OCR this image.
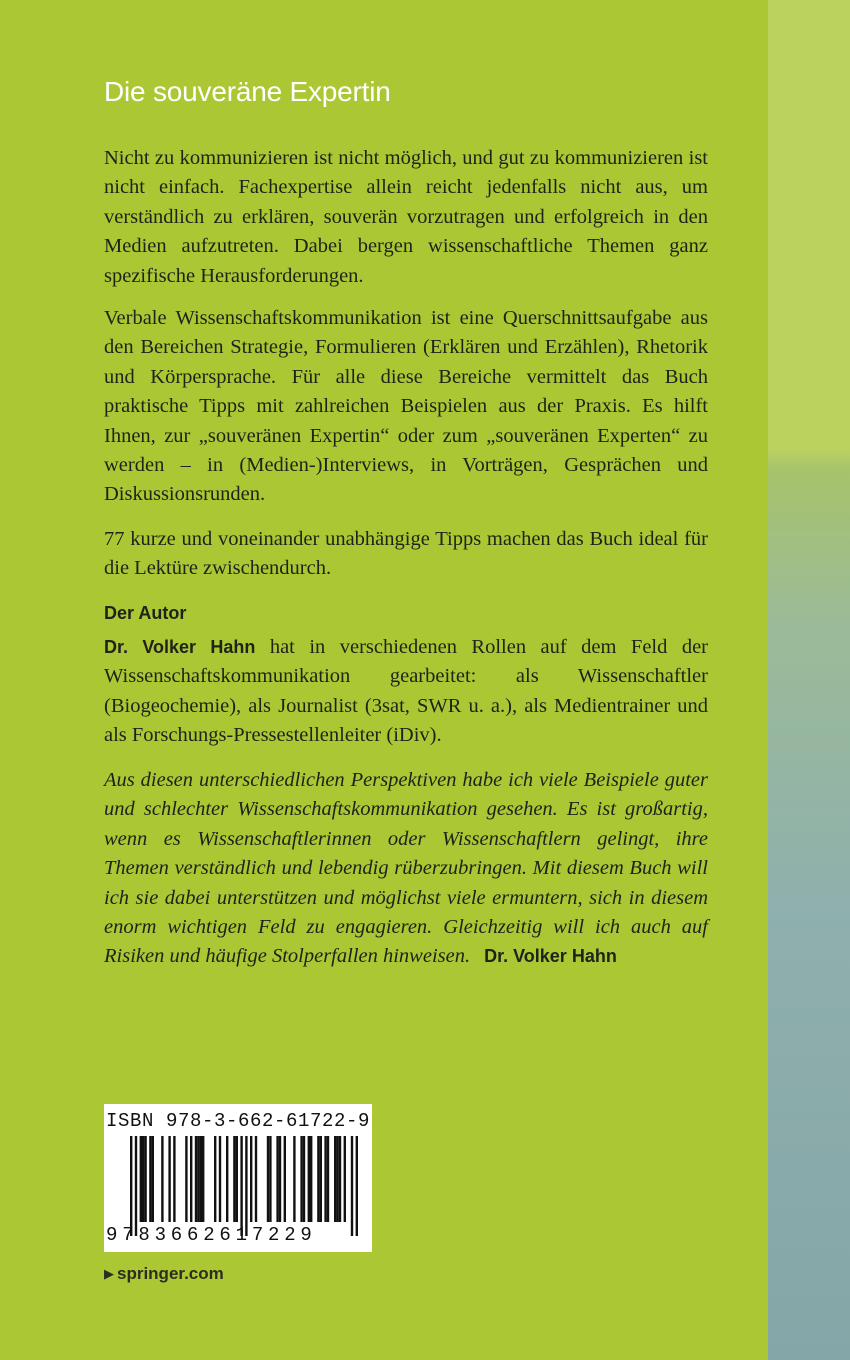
Die souveräne Expertin

Nicht zu kommunizieren ist nicht möglich, und gut zu kommunizieren ist nicht einfach. Fachexpertise allein reicht jedenfalls nicht aus, um verständlich zu erklären, souverän vorzutragen und erfolgreich in den Medien aufzutreten. Dabei bergen wissenschaftliche Themen ganz spezifische Herausforderungen.

Verbale Wissenschaftskommunikation ist eine Querschnittsaufgabe aus den Bereichen Strategie, Formulieren (Erklären und Erzählen), Rhetorik und Körpersprache. Für alle diese Bereiche vermittelt das Buch praktische Tipps mit zahlreichen Beispielen aus der Praxis. Es hilft Ihnen, zur „souveränen Expertin“ oder zum „souveränen Experten“ zu werden – in (Medien-)Interviews, in Vorträgen, Gesprächen und Diskussionsrunden.

77 kurze und voneinander unabhängige Tipps machen das Buch ideal für die Lektüre zwischendurch.

Der Autor

Dr. Volker Hahn hat in verschiedenen Rollen auf dem Feld der Wissenschaftskommunikation gearbeitet: als Wissenschaftler (Biogeochemie), als Journalist (3sat, SWR u. a.), als Medientrainer und als Forschungs-Pressestellenleiter (iDiv).

Aus diesen unterschiedlichen Perspektiven habe ich viele Beispiele guter und schlechter Wissenschaftskommunikation gesehen. Es ist großartig, wenn es Wissenschaftlerinnen oder Wissenschaftlern gelingt, ihre Themen verständlich und lebendig rüberzubringen. Mit diesem Buch will ich sie dabei unterstützen und möglichst viele ermuntern, sich in diesem enorm wichtigen Feld zu engagieren. Gleichzeitig will ich auch auf Risiken und häufige Stolperfallen hinweisen. Dr. Volker Hahn

ISBN 978-3-662-61722-9
9783662617229

▶ springer.com
